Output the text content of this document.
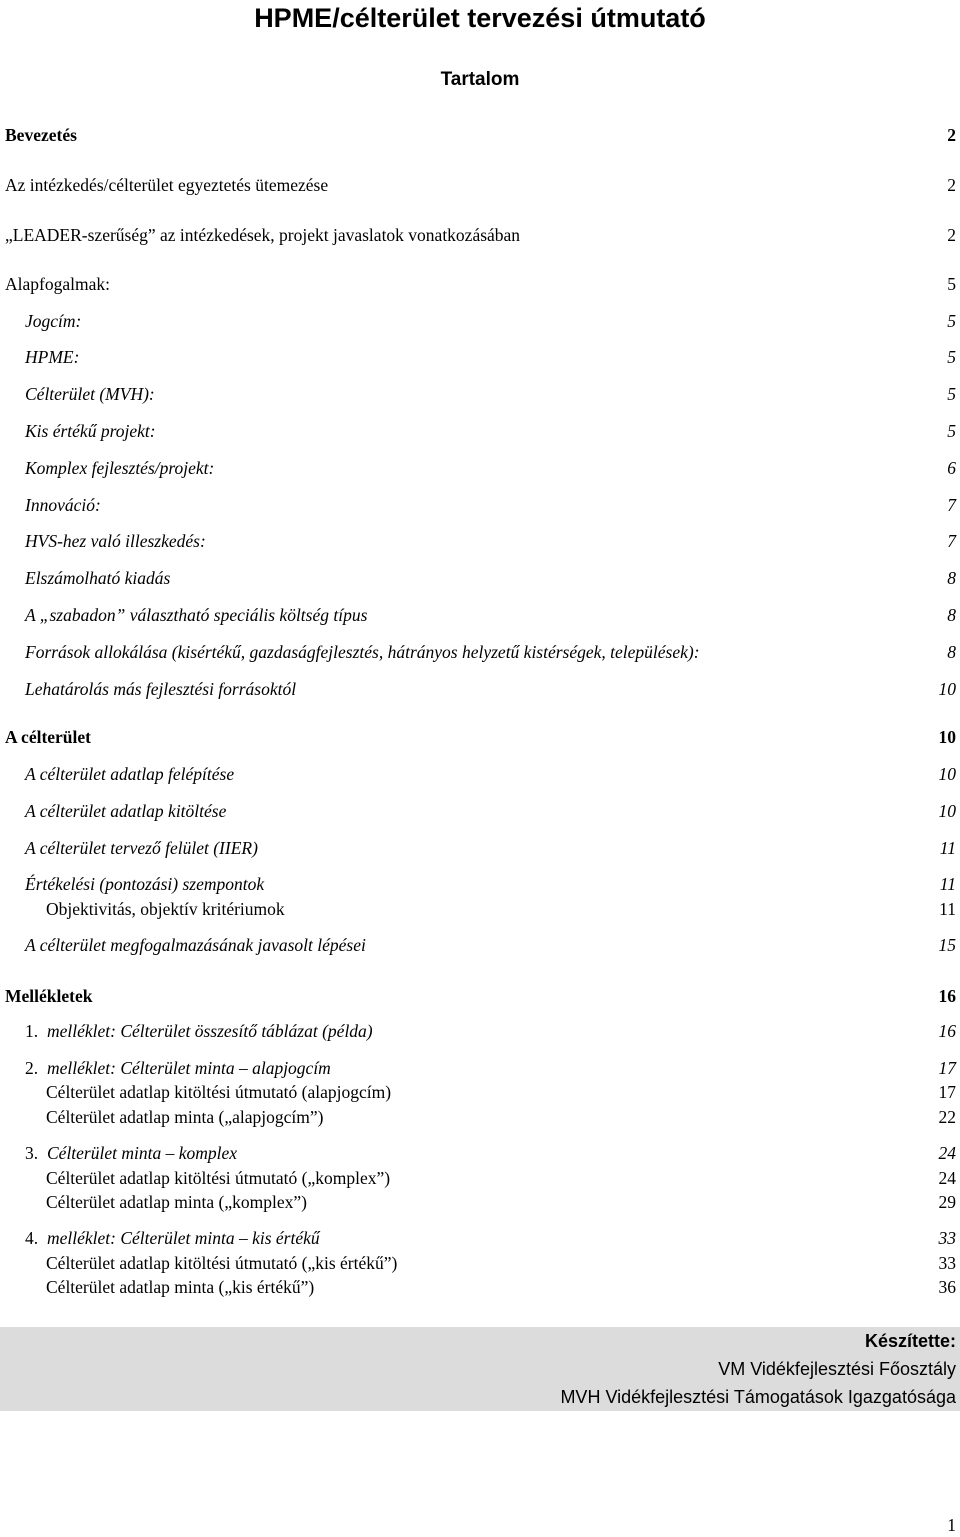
HPME/célterület tervezési útmutató
Tartalom
Bevezetés	2
Az intézkedés/célterület egyeztetés ütemezése	2
„LEADER-szerűség” az intézkedések, projekt javaslatok vonatkozásában	2
Alapfogalmak:	5
Jogcím:	5
HPME:	5
Célterület (MVH):	5
Kis értékű projekt:	5
Komplex fejlesztés/projekt:	6
Innováció:	7
HVS-hez való illeszkedés:	7
Elszámolható kiadás	8
A „szabadon” választható speciális költség típus	8
Források allokálása (kisértékű, gazdaságfejlesztés, hátrányos helyzetű kistérségek, települések):	8
Lehatárolás más fejlesztési forrásoktól	10
A célterület	10
A célterület adatlap felépítése	10
A célterület adatlap kitöltése	10
A célterület tervező felület (IIER)	11
Értékelési (pontozási) szempontok	11
Objektivitás, objektív kritériumok	11
A célterület megfogalmazásának javasolt lépései	15
Mellékletek	16
1. melléklet: Célterület összesítő táblázat (példa)	16
2. melléklet: Célterület minta – alapjogcím	17
Célterület adatlap kitöltési útmutató (alapjogcím)	17
Célterület adatlap minta („alapjogcím”)	22
3. Célterület minta – komplex	24
Célterület adatlap kitöltési útmutató („komplex”)	24
Célterület adatlap minta („komplex”)	29
4. melléklet: Célterület minta – kis értékű	33
Célterület adatlap kitöltési útmutató („kis értékű”)	33
Célterület adatlap minta („kis értékű”)	36
Készítette:
VM Vidékfejlesztési Főosztály
MVH Vidékfejlesztési Támogatások Igazgatósága
1
